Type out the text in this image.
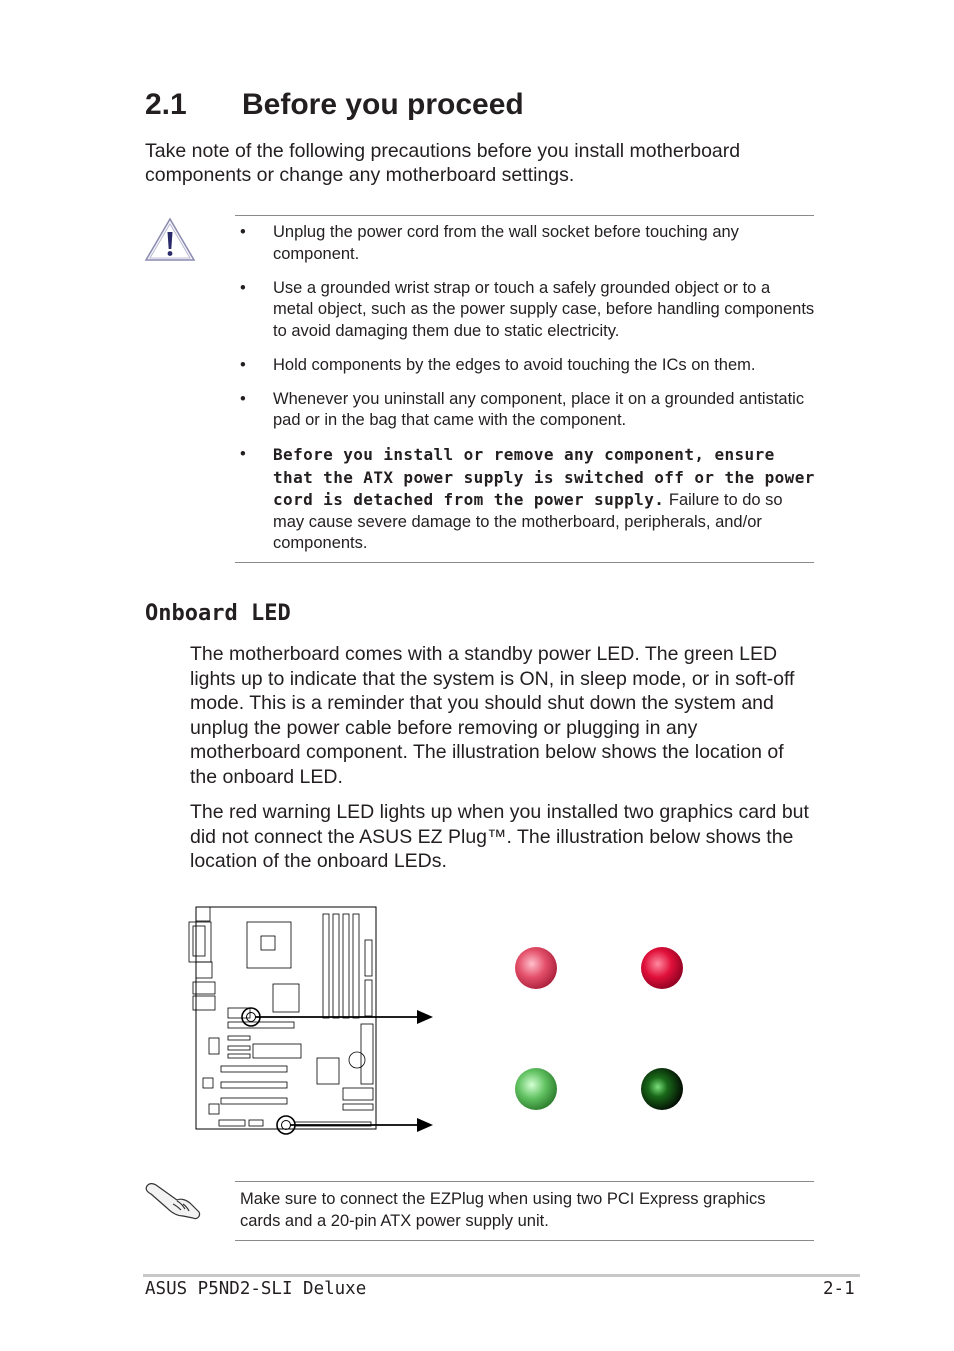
2.1 Before you proceed
Take note of the following precautions before you install motherboard components or change any motherboard settings.
• Unplug the power cord from the wall socket before touching any component.
• Use a grounded wrist strap or touch a safely grounded object or to a metal object, such as the power supply case, before handling components to avoid damaging them due to static electricity.
• Hold components by the edges to avoid touching the ICs on them.
• Whenever you uninstall any component, place it on a grounded antistatic pad or in the bag that came with the component.
• Before you install or remove any component, ensure that the ATX power supply is switched off or the power cord is detached from the power supply. Failure to do so may cause severe damage to the motherboard, peripherals, and/or components.
Onboard LED

The motherboard comes with a standby power LED. The green LED lights up to indicate that the system is ON, in sleep mode, or in soft-off mode. This is a reminder that you should shut down the system and unplug the power cable before removing or plugging in any motherboard component. The illustration below shows the location of the onboard LED.

The red warning LED lights up when you installed two graphics card but did not connect the ASUS EZ Plug™. The illustration below shows the location of the onboard LEDs.

Make sure to connect the EZPlug when using two PCI Express graphics cards and a 20-pin ATX power supply unit.
ASUS P5ND2-SLI Deluxe	2-1
